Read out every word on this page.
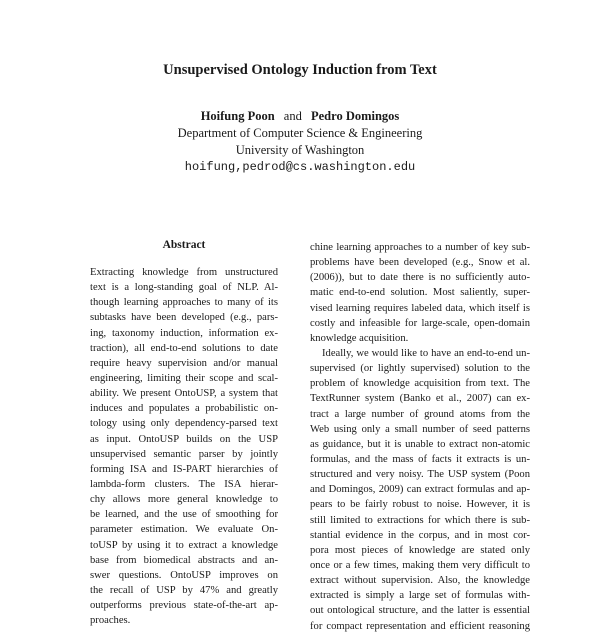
Unsupervised Ontology Induction from Text
Hoifung Poon and Pedro Domingos
Department of Computer Science & Engineering
University of Washington
hoifung,pedrod@cs.washington.edu
Abstract
Extracting knowledge from unstructured
text is a long-standing goal of NLP. Al-
though learning approaches to many of its
subtasks have been developed (e.g., pars-
ing, taxonomy induction, information ex-
traction), all end-to-end solutions to date
require heavy supervision and/or manual
engineering, limiting their scope and scal-
ability. We present OntoUSP, a system that
induces and populates a probabilistic on-
tology using only dependency-parsed text
as input. OntoUSP builds on the USP
unsupervised semantic parser by jointly
forming ISA and IS-PART hierarchies of
lambda-form clusters. The ISA hierar-
chy allows more general knowledge to
be learned, and the use of smoothing for
parameter estimation. We evaluate On-
toUSP by using it to extract a knowledge
base from biomedical abstracts and an-
swer questions. OntoUSP improves on
the recall of USP by 47% and greatly
outperforms previous state-of-the-art ap-
proaches.
chine learning approaches to a number of key sub-
problems have been developed (e.g., Snow et al.
(2006)), but to date there is no sufficiently auto-
matic end-to-end solution. Most saliently, super-
vised learning requires labeled data, which itself is
costly and infeasible for large-scale, open-domain
knowledge acquisition.
Ideally, we would like to have an end-to-end un-
supervised (or lightly supervised) solution to the
problem of knowledge acquisition from text. The
TextRunner system (Banko et al., 2007) can ex-
tract a large number of ground atoms from the
Web using only a small number of seed patterns
as guidance, but it is unable to extract non-atomic
formulas, and the mass of facts it extracts is un-
structured and very noisy. The USP system (Poon
and Domingos, 2009) can extract formulas and ap-
pears to be fairly robust to noise. However, it is
still limited to extractions for which there is sub-
stantial evidence in the corpus, and in most cor-
pora most pieces of knowledge are stated only
once or a few times, making them very difficult to
extract without supervision. Also, the knowledge
extracted is simply a large set of formulas with-
out ontological structure, and the latter is essential
for compact representation and efficient reasoning
